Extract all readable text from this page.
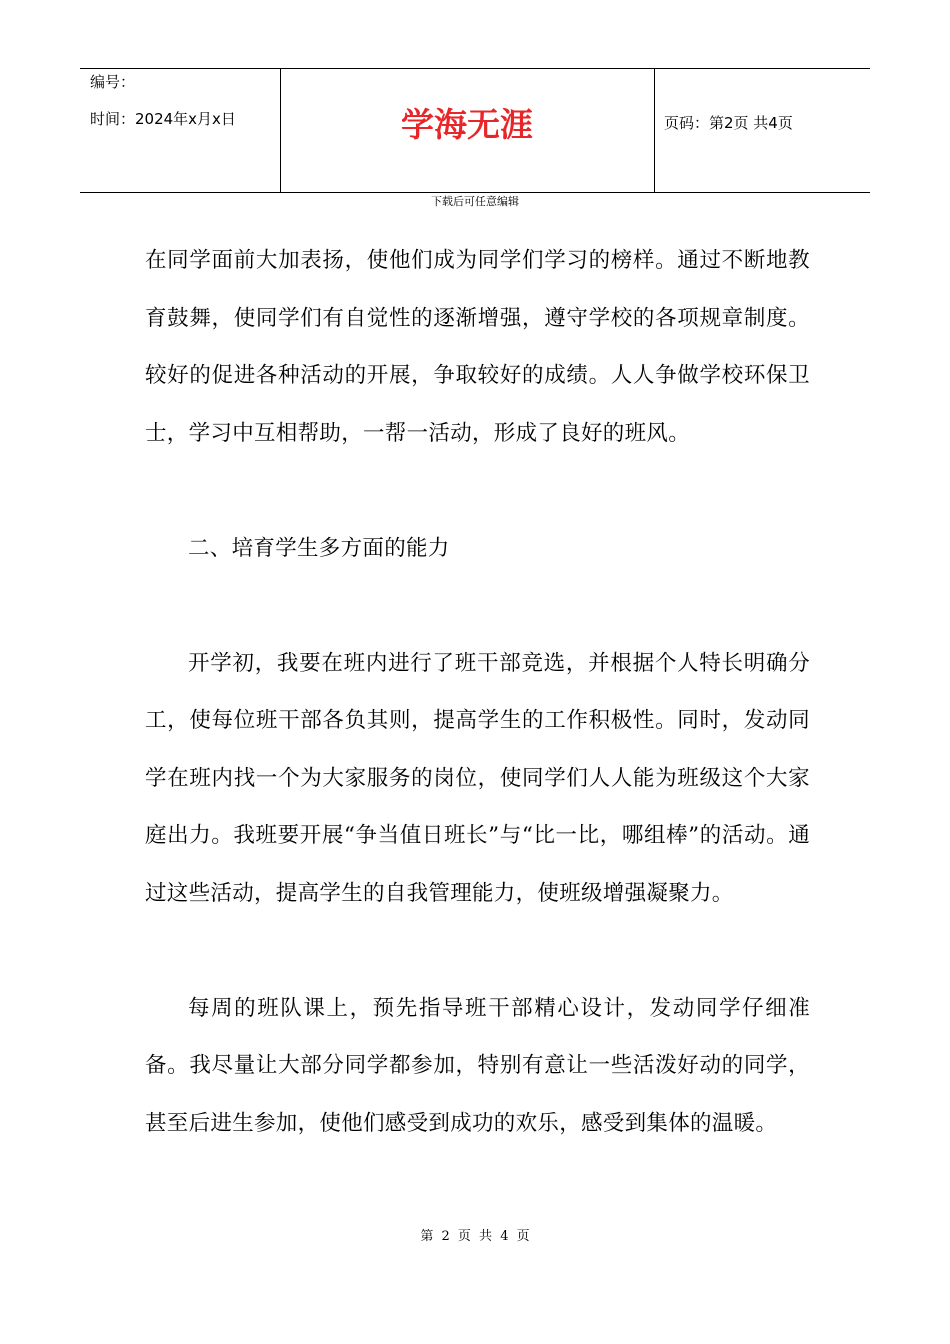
编号：
时间：2024年x月x日	学海无涯	页码：第2页 共4页
下载后可任意编辑

在同学面前大加表扬，使他们成为同学们学习的榜样。通过不断地教育鼓舞，使同学们有自觉性的逐渐增强，遵守学校的各项规章制度。较好的促进各种活动的开展，争取较好的成绩。人人争做学校环保卫士，学习中互相帮助，一帮一活动，形成了良好的班风。

二、培育学生多方面的能力

开学初，我要在班内进行了班干部竞选，并根据个人特长明确分工，使每位班干部各负其则，提高学生的工作积极性。同时，发动同学在班内找一个为大家服务的岗位，使同学们人人能为班级这个大家庭出力。我班要开展“争当值日班长”与“比一比，哪组棒”的活动。通过这些活动，提高学生的自我管理能力，使班级增强凝聚力。

每周的班队课上，预先指导班干部精心设计，发动同学仔细准备。我尽量让大部分同学都参加，特别有意让一些活泼好动的同学，甚至后进生参加，使他们感受到成功的欢乐，感受到集体的温暖。

第 2 页 共 4 页
